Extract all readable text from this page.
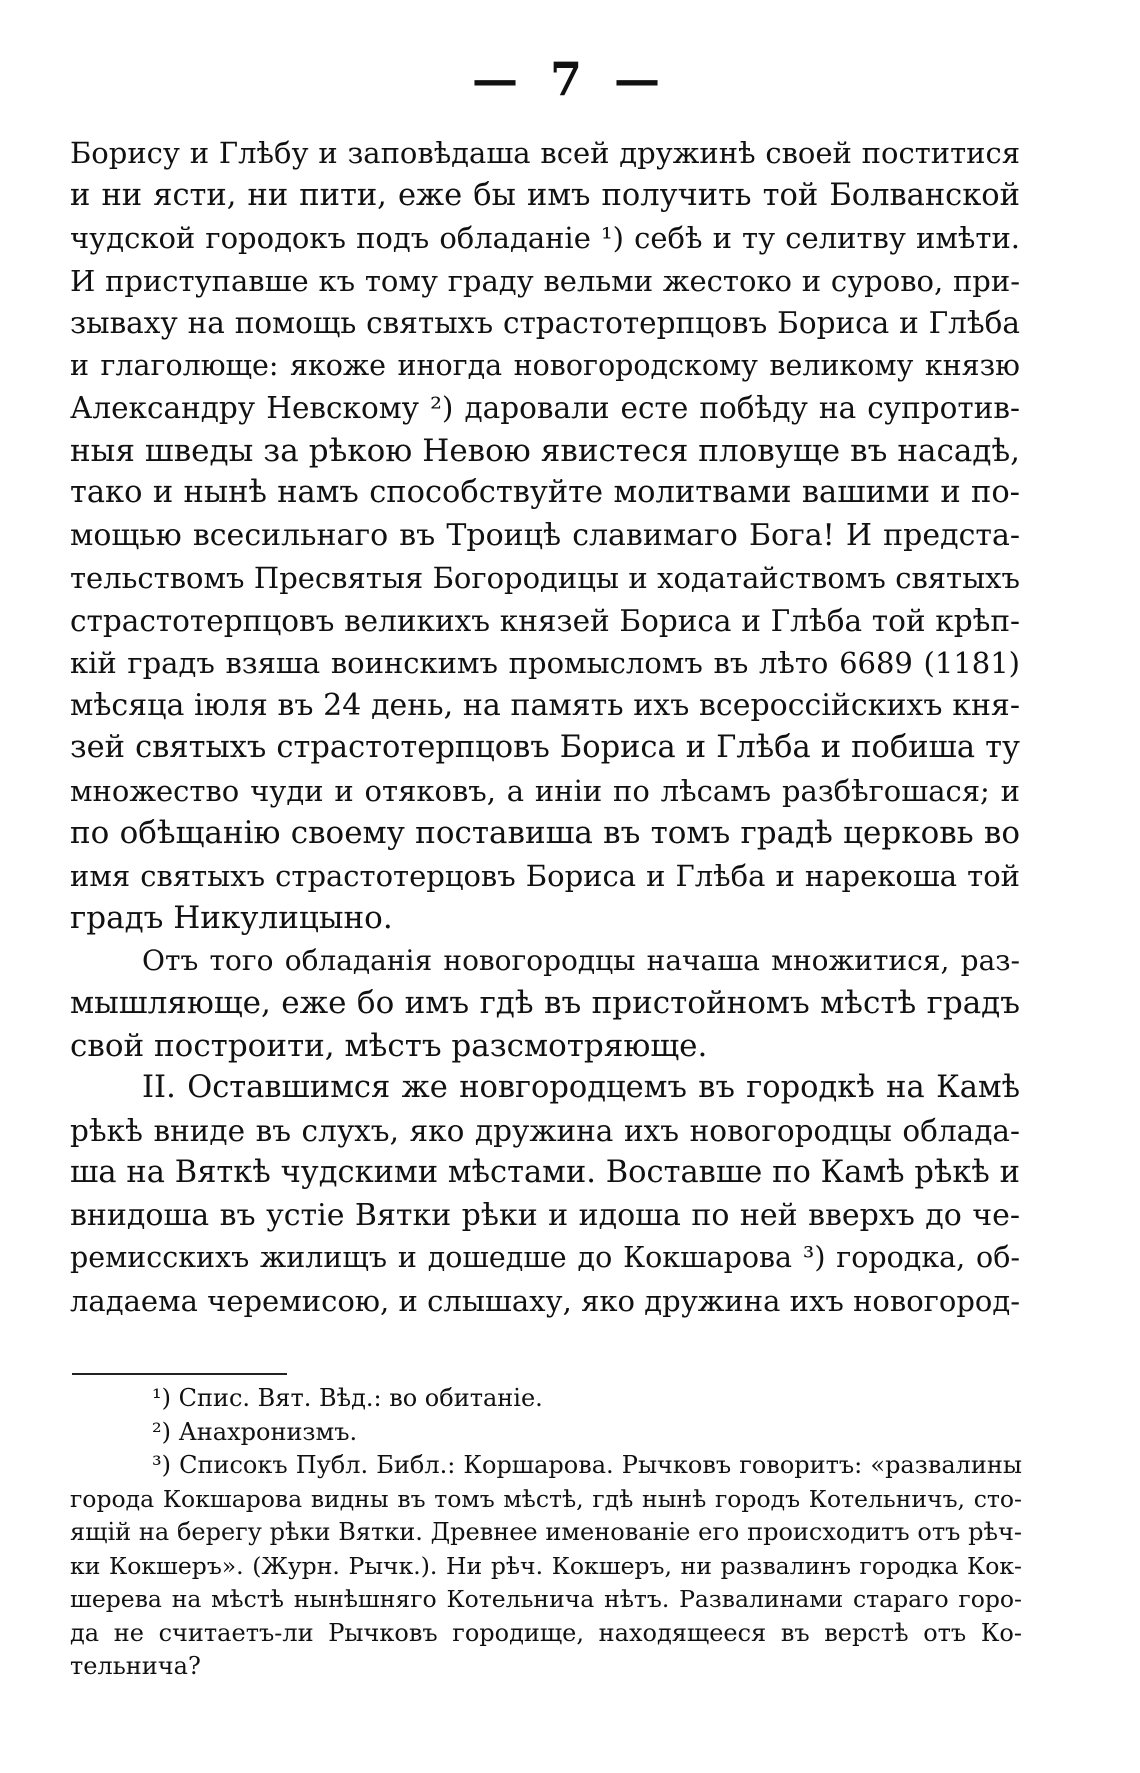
— 7 —
Борису и Глѣбу и заповѣдаша всей дружинѣ своей поститися
и ни ясти, ни пити, еже бы имъ получить той Болванской
чудской городокъ подъ обладаніе ¹) себѣ и ту селитву имѣти.
И приступавше къ тому граду вельми жестоко и сурово, при-
зываху на помощь святыхъ страстотерпцовъ Бориса и Глѣба
и глаголюще: якоже иногда новогородскому великому князю
Александру Невскому ²) даровали есте побѣду на супротив-
ныя шведы за рѣкою Невою явистеся пловуще въ насадѣ,
тако и нынѣ намъ способствуйте молитвами вашими и по-
мощью всесильнаго въ Троицѣ славимаго Бога! И предста-
тельствомъ Пресвятыя Богородицы и ходатайствомъ святыхъ
страстотерпцовъ великихъ князей Бориса и Глѣба той крѣп-
кій градъ взяша воинскимъ промысломъ въ лѣто 6689 (1181)
мѣсяца іюля въ 24 день, на память ихъ всероссійскихъ кня-
зей святыхъ страстотерпцовъ Бориса и Глѣба и побиша ту
множество чуди и отяковъ, а иніи по лѣсамъ разбѣгошася; и
по обѣщанію своему поставиша въ томъ градѣ церковь во
имя святыхъ страстотерцовъ Бориса и Глѣба и нарекоша той
градъ Никулицыно.
Отъ того обладанія новогородцы начаша множитися, раз-
мышляюще, еже бо имъ гдѣ въ пристойномъ мѣстѣ градъ
свой построити, мѣстъ разсмотряюще.
II. Оставшимся же новгородцемъ въ городкѣ на Камѣ
рѣкѣ вниде въ слухъ, яко дружина ихъ новогородцы облада-
ша на Вяткѣ чудскими мѣстами. Воставше по Камѣ рѣкѣ и
внидоша въ устіе Вятки рѣки и идоша по ней вверхъ до че-
ремисскихъ жилищъ и дошедше до Кокшарова ³) городка, об-
ладаема черемисою, и слышаху, яко дружина ихъ новогород-
¹) Спис. Вят. Вѣд.: во обитаніе.
²) Анахронизмъ.
³) Списокъ Публ. Библ.: Коршарова. Рычковъ говоритъ: «развалины
города Кокшарова видны въ томъ мѣстѣ, гдѣ нынѣ городъ Котельничъ, сто-
ящій на берегу рѣки Вятки. Древнее именованіе его происходитъ отъ рѣч-
ки Кокшеръ». (Журн. Рычк.). Ни рѣч. Кокшеръ, ни развалинъ городка Кок-
шерева на мѣстѣ нынѣшняго Котельнича нѣтъ. Развалинами стараго горо-
да не считаетъ-ли Рычковъ городище, находящееся въ верстѣ отъ Ко-
тельнича?
